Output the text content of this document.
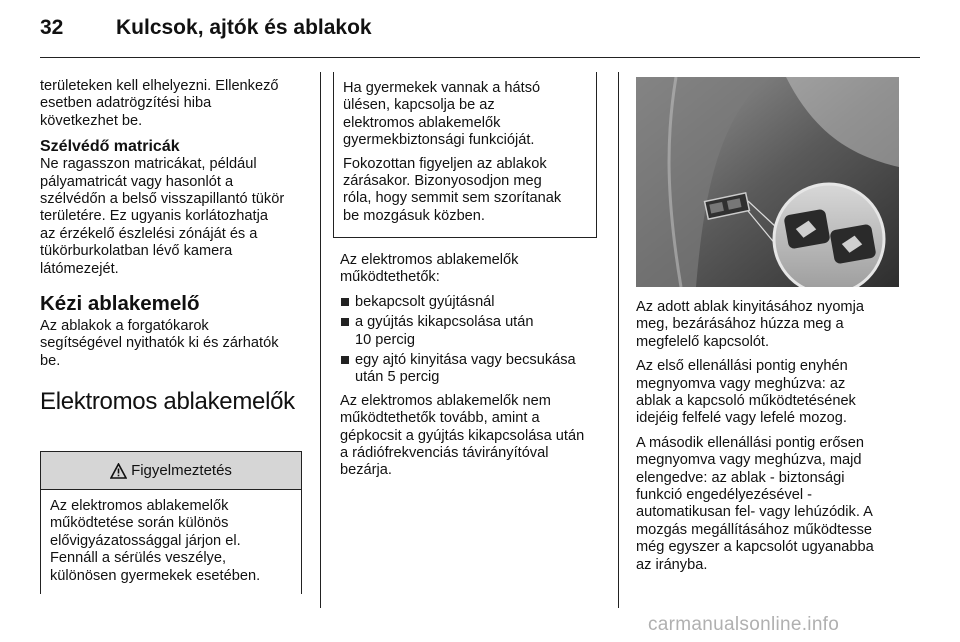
32	Kulcsok, ajtók és ablakok

területeken kell elhelyezni. Ellenkező
esetben adatrögzítési hiba
következhet be.

Szélvédő matricák

Ne ragasszon matricákat, például
pályamatricát vagy hasonlót a
szélvédőn a belső visszapillantó tükör
területére. Ez ugyanis korlátozhatja
az érzékelő észlelési zónáját és a
tükörburkolatban lévő kamera
látómezejét.

Kézi ablakemelő

Az ablakok a forgatókarok
segítségével nyithatók ki és zárhatók
be.

Elektromos ablakemelők
Figyelmeztetés
Az elektromos ablakemelők
működtetése során különös
elővigyázatossággal járjon el.
Fennáll a sérülés veszélye,
különösen gyermekek esetében.

Ha gyermekek vannak a hátsó
ülésen, kapcsolja be az
elektromos ablakemelők
gyermekbiztonsági funkcióját.

Fokozottan figyeljen az ablakok
zárásakor. Bizonyosodjon meg
róla, hogy semmit sem szorítanak
be mozgásuk közben.

Az elektromos ablakemelők
működtethetők:

bekapcsolt gyújtásnál
a gyújtás kikapcsolása után
10 percig
egy ajtó kinyitása vagy becsukása
után 5 percig

Az elektromos ablakemelők nem
működtethetők tovább, amint a
gépkocsit a gyújtás kikapcsolása után
a rádiófrekvenciás távirányítóval
bezárja.

Az adott ablak kinyitásához nyomja
meg, bezárásához húzza meg a
megfelelő kapcsolót.

Az első ellenállási pontig enyhén
megnyomva vagy meghúzva: az
ablak a kapcsoló működtetésének
idejéig felfelé vagy lefelé mozog.

A második ellenállási pontig erősen
megnyomva vagy meghúzva, majd
elengedve: az ablak - biztonsági
funkció engedélyezésével -
automatikusan fel- vagy lehúzódik. A
mozgás megállításához működtesse
még egyszer a kapcsolót ugyanabba
az irányba.

carmanualsonline.info
